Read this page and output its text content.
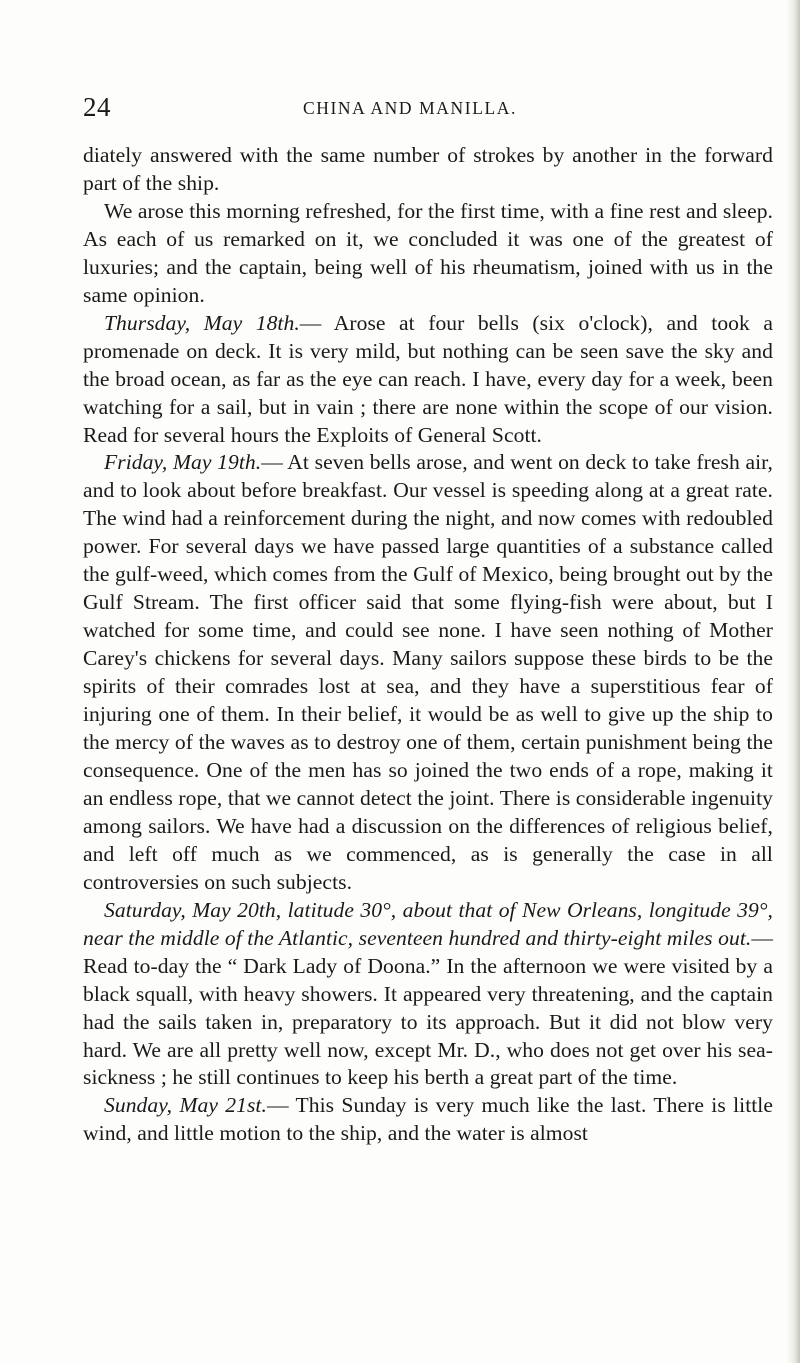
24	CHINA AND MANILLA.

diately answered with the same number of strokes by another in the forward part of the ship.

We arose this morning refreshed, for the first time, with a fine rest and sleep. As each of us remarked on it, we concluded it was one of the greatest of luxuries; and the captain, being well of his rheumatism, joined with us in the same opinion.

Thursday, May 18th.— Arose at four bells (six o'clock), and took a promenade on deck. It is very mild, but nothing can be seen save the sky and the broad ocean, as far as the eye can reach. I have, every day for a week, been watching for a sail, but in vain ; there are none within the scope of our vision. Read for several hours the Exploits of General Scott.

Friday, May 19th.— At seven bells arose, and went on deck to take fresh air, and to look about before breakfast. Our vessel is speeding along at a great rate. The wind had a reinforcement during the night, and now comes with redoubled power. For several days we have passed large quantities of a substance called the gulf-weed, which comes from the Gulf of Mexico, being brought out by the Gulf Stream. The first officer said that some flying-fish were about, but I watched for some time, and could see none. I have seen nothing of Mother Carey's chickens for several days. Many sailors suppose these birds to be the spirits of their comrades lost at sea, and they have a superstitious fear of injuring one of them. In their belief, it would be as well to give up the ship to the mercy of the waves as to destroy one of them, certain punishment being the consequence. One of the men has so joined the two ends of a rope, making it an endless rope, that we cannot detect the joint. There is considerable ingenuity among sailors. We have had a discussion on the differences of religious belief, and left off much as we commenced, as is generally the case in all controversies on such subjects.

Saturday, May 20th, latitude 30°, about that of New Orleans, longitude 39°, near the middle of the Atlantic, seventeen hundred and thirty-eight miles out.— Read to-day the “ Dark Lady of Doona.” In the afternoon we were visited by a black squall, with heavy showers. It appeared very threatening, and the captain had the sails taken in, preparatory to its approach. But it did not blow very hard. We are all pretty well now, except Mr. D., who does not get over his sea-sickness ; he still continues to keep his berth a great part of the time.

Sunday, May 21st.— This Sunday is very much like the last. There is little wind, and little motion to the ship, and the water is almost
